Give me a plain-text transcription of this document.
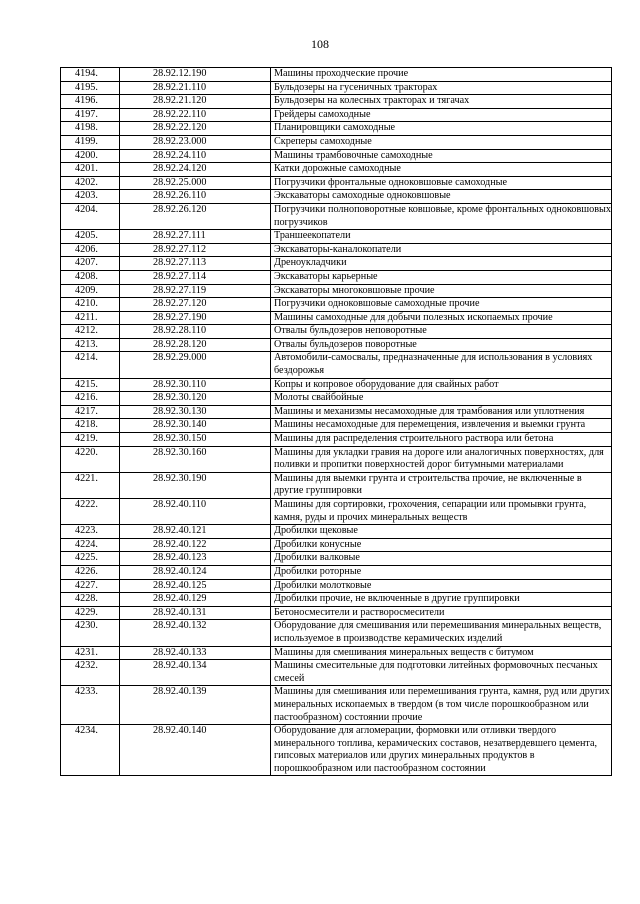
108
4194.	28.92.12.190	Машины проходческие прочие
4195.	28.92.21.110	Бульдозеры на гусеничных тракторах
4196.	28.92.21.120	Бульдозеры на колесных тракторах и тягачах
4197.	28.92.22.110	Грейдеры самоходные
4198.	28.92.22.120	Планировщики самоходные
4199.	28.92.23.000	Скреперы самоходные
4200.	28.92.24.110	Машины трамбовочные самоходные
4201.	28.92.24.120	Катки дорожные самоходные
4202.	28.92.25.000	Погрузчики фронтальные одноковшовые самоходные
4203.	28.92.26.110	Экскаваторы самоходные одноковшовые
4204.	28.92.26.120	Погрузчики полноповоротные ковшовые, кроме фронтальных одноковшовых погрузчиков
4205.	28.92.27.111	Траншеекопатели
4206.	28.92.27.112	Экскаваторы-каналокопатели
4207.	28.92.27.113	Дреноукладчики
4208.	28.92.27.114	Экскаваторы карьерные
4209.	28.92.27.119	Экскаваторы многоковшовые прочие
4210.	28.92.27.120	Погрузчики одноковшовые самоходные прочие
4211.	28.92.27.190	Машины самоходные для добычи полезных ископаемых прочие
4212.	28.92.28.110	Отвалы бульдозеров неповоротные
4213.	28.92.28.120	Отвалы бульдозеров поворотные
4214.	28.92.29.000	Автомобили-самосвалы, предназначенные для использования в условиях бездорожья
4215.	28.92.30.110	Копры и копровое оборудование для свайных работ
4216.	28.92.30.120	Молоты свайбойные
4217.	28.92.30.130	Машины и механизмы несамоходные для трамбования или уплотнения
4218.	28.92.30.140	Машины несамоходные для перемещения, извлечения и выемки грунта
4219.	28.92.30.150	Машины для распределения строительного раствора или бетона
4220.	28.92.30.160	Машины для укладки гравия на дороге или аналогичных поверхностях, для поливки и пропитки поверхностей дорог битумными материалами
4221.	28.92.30.190	Машины для выемки грунта и строительства прочие, не включенные в другие группировки
4222.	28.92.40.110	Машины для сортировки, грохочения, сепарации или промывки грунта, камня, руды и прочих минеральных веществ
4223.	28.92.40.121	Дробилки щековые
4224.	28.92.40.122	Дробилки конусные
4225.	28.92.40.123	Дробилки валковые
4226.	28.92.40.124	Дробилки роторные
4227.	28.92.40.125	Дробилки молотковые
4228.	28.92.40.129	Дробилки прочие, не включенные в другие группировки
4229.	28.92.40.131	Бетоносмесители и растворосмесители
4230.	28.92.40.132	Оборудование для смешивания или перемешивания минеральных веществ, используемое в производстве керамических изделий
4231.	28.92.40.133	Машины для смешивания минеральных веществ с битумом
4232.	28.92.40.134	Машины смесительные для подготовки литейных формовочных песчаных смесей
4233.	28.92.40.139	Машины для смешивания или перемешивания грунта, камня, руд или других минеральных ископаемых в твердом (в том числе порошкообразном или пастообразном) состоянии прочие
4234.	28.92.40.140	Оборудование для агломерации, формовки или отливки твердого минерального топлива, керамических составов, незатвердевшего цемента, гипсовых материалов или других минеральных продуктов в порошкообразном или пастообразном состоянии
